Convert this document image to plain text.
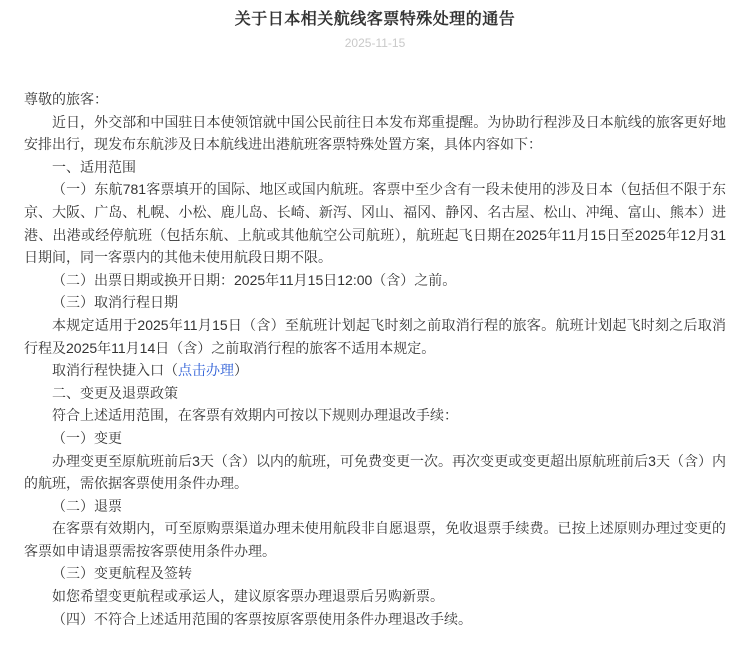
关于日本相关航线客票特殊处理的通告
2025-11-15

尊敬的旅客：

近日，外交部和中国驻日本使领馆就中国公民前往日本发布郑重提醒。为协助行程涉及日本航线的旅客更好地安排出行，现发布东航涉及日本航线进出港航班客票特殊处置方案，具体内容如下：

一、适用范围

（一）东航781客票填开的国际、地区或国内航班。客票中至少含有一段未使用的涉及日本（包括但不限于东京、大阪、广岛、札幌、小松、鹿儿岛、长崎、新泻、冈山、福冈、静冈、名古屋、松山、冲绳、富山、熊本）进港、出港或经停航班（包括东航、上航或其他航空公司航班），航班起飞日期在2025年11月15日至2025年12月31日期间，同一客票内的其他未使用航段日期不限。

（二）出票日期或换开日期：2025年11月15日12:00（含）之前。

（三）取消行程日期

本规定适用于2025年11月15日（含）至航班计划起飞时刻之前取消行程的旅客。航班计划起飞时刻之后取消行程及2025年11月14日（含）之前取消行程的旅客不适用本规定。

取消行程快捷入口（点击办理）

二、变更及退票政策

符合上述适用范围，在客票有效期内可按以下规则办理退改手续：

（一）变更

办理变更至原航班前后3天（含）以内的航班，可免费变更一次。再次变更或变更超出原航班前后3天（含）内的航班，需依据客票使用条件办理。

（二）退票

在客票有效期内，可至原购票渠道办理未使用航段非自愿退票，免收退票手续费。已按上述原则办理过变更的客票如申请退票需按客票使用条件办理。

（三）变更航程及签转

如您希望变更航程或承运人，建议原客票办理退票后另购新票。

（四）不符合上述适用范围的客票按原客票使用条件办理退改手续。
